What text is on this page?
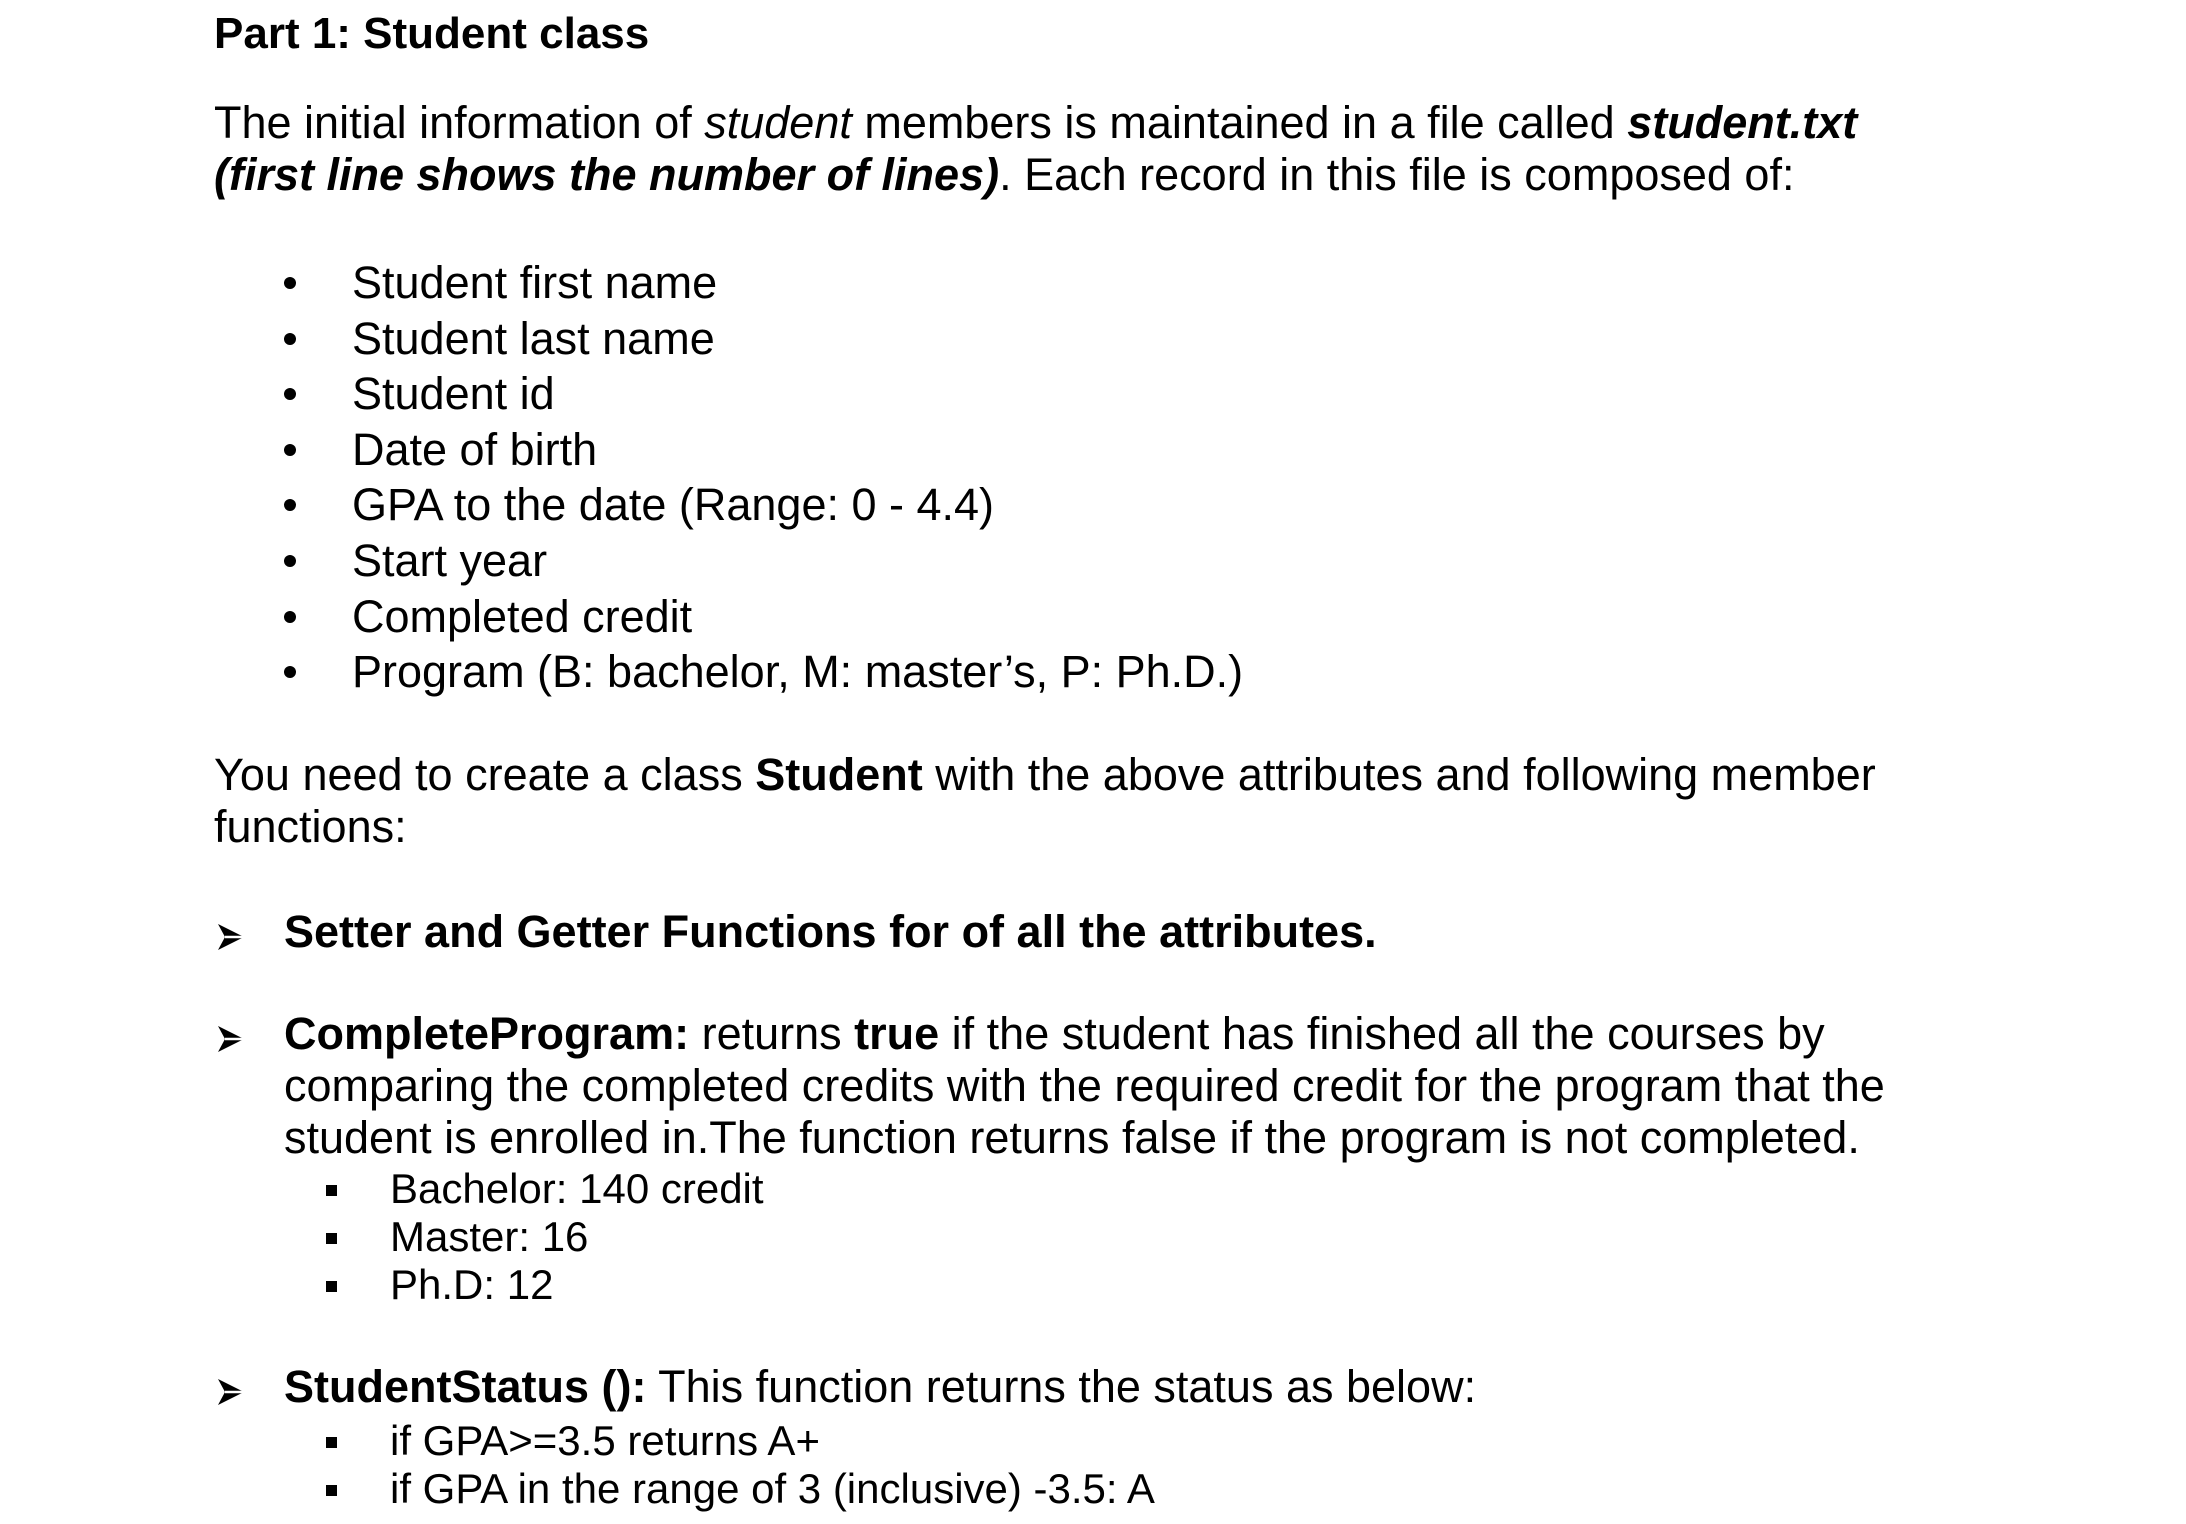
Part 1: Student class
The initial information of student members is maintained in a file called student.txt
(first line shows the number of lines). Each record in this file is composed of:
Student first name
Student last name
Student id
Date of birth
GPA to the date (Range: 0 - 4.4)
Start year
Completed credit
Program (B: bachelor, M: master’s, P: Ph.D.)
You need to create a class Student with the above attributes and following member functions:
Setter and Getter Functions for of all the attributes.
CompleteProgram: returns true if the student has finished all the courses by comparing the completed credits with the required credit for the program that the student is enrolled in.The function returns false if the program is not completed.
Bachelor: 140 credit
Master: 16
Ph.D: 12
StudentStatus (): This function returns the status as below:
if GPA>=3.5 returns A+
if GPA in the range of 3 (inclusive) -3.5: A
